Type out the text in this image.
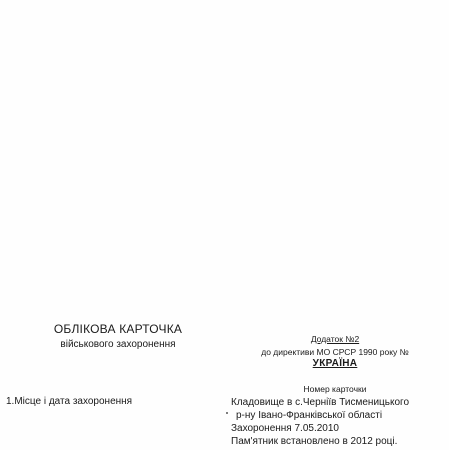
ОБЛІКОВА КАРТОЧКА
військового захоронення	Додаток №2
до директиви МО СРСР 1990 року №
УКРАЇНА
Номер карточки
1.Місце і дата захоронення	Кладовище в с.Чернiїв Тисменицького
р-ну Івано-Франківської області
Захоронення 7.05.2010
Пам'ятник встановлено в 2012 році.
